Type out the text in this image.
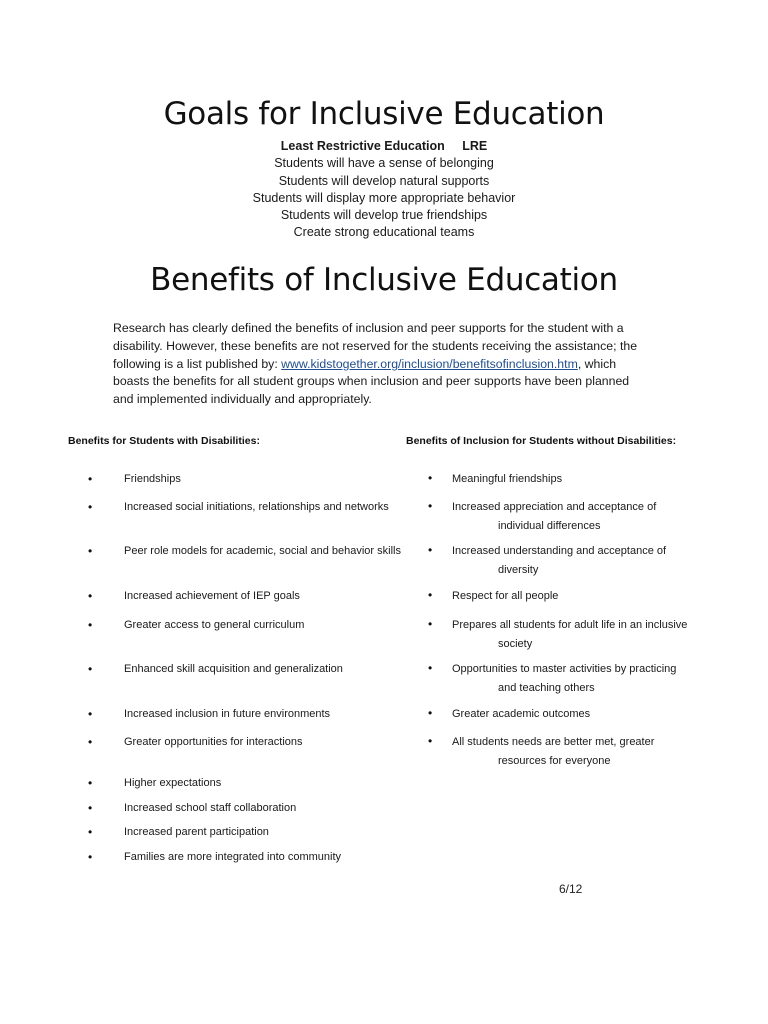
Goals for Inclusive Education
Least Restrictive Education LRE
Students will have a sense of belonging
Students will develop natural supports
Students will display more appropriate behavior
Students will develop true friendships
Create strong educational teams
Benefits of Inclusive Education
Research has clearly defined the benefits of inclusion and peer supports for the student with a disability. However, these benefits are not reserved for the students receiving the assistance; the following is a list published by: www.kidstogether.org/inclusion/benefitsofinclusion.htm, which boasts the benefits for all student groups when inclusion and peer supports have been planned and implemented individually and appropriately.
Benefits for Students with Disabilities:	Benefits of Inclusion for Students without Disabilities:
•	Friendships
•	Increased social initiations, relationships and networks
•	Peer role models for academic, social and behavior skills
•	Increased achievement of IEP goals
•	Greater access to general curriculum
•	Enhanced skill acquisition and generalization
•	Increased inclusion in future environments
•	Greater opportunities for interactions
•	Higher expectations
•	Increased school staff collaboration
•	Increased parent participation
•	Families are more integrated into community
• Meaningful friendships
• Increased appreciation and acceptance of
individual differences
• Increased understanding and acceptance of
diversity
• Respect for all people
• Prepares all students for adult life in an inclusive
society
• Opportunities to master activities by practicing
and teaching others
• Greater academic outcomes
• All students needs are better met, greater
resources for everyone
6/12
